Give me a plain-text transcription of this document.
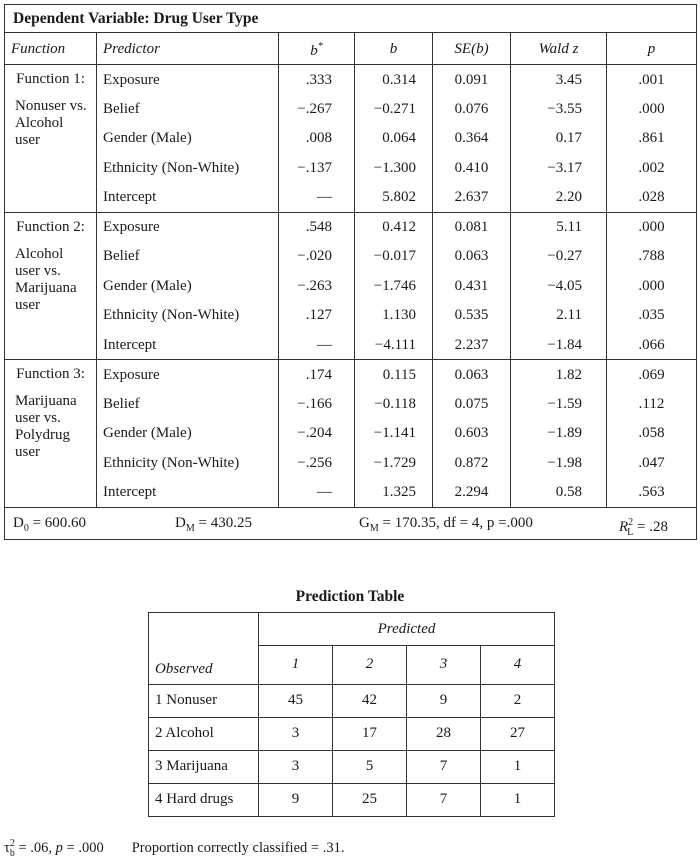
Dependent Variable: Drug User Type						
Function	Predictor	b*	b	SE(b)	Wald z	p

Function 1:
Nonuser vs. Alcohol user	Exposure	.333	0.314	0.091	3.45	.001
	Belief	−.267	−0.271	0.076	−3.55	.000
	Gender (Male)	.008	0.064	0.364	0.17	.861
	Ethnicity (Non-White)	−.137	−1.300	0.410	−3.17	.002
	Intercept	—	5.802	2.637	2.20	.028

Function 2:
Alcohol user vs. Marijuana user	Exposure	.548	0.412	0.081	5.11	.000
	Belief	−.020	−0.017	0.063	−0.27	.788
	Gender (Male)	−.263	−1.746	0.431	−4.05	.000
	Ethnicity (Non-White)	.127	1.130	0.535	2.11	.035
	Intercept	—	−4.111	2.237	−1.84	.066

Function 3:
Marijuana user vs. Polydrug user	Exposure	.174	0.115	0.063	1.82	.069
	Belief	−.166	−0.118	0.075	−1.59	.112
	Gender (Male)	−.204	−1.141	0.603	−1.89	.058
	Ethnicity (Non-White)	−.256	−1.729	0.872	−1.98	.047
	Intercept	—	1.325	2.294	0.58	.563

$D_0 = 600.60$ $D_M = 430.25$ $G_M = 170.35$, df = 4, p =.000 $R^2_L = .28$						
Prediction Table
	Predicted			
Observed	1	2	3	4
1 Nonuser	45	42	9	2
2 Alcohol	3	17	28	27
3 Marijuana	3	5	7	1
4 Hard drugs	9	25	7	1
$\tau^2_b = .06$, p = .000 Proportion correctly classified = .31.
